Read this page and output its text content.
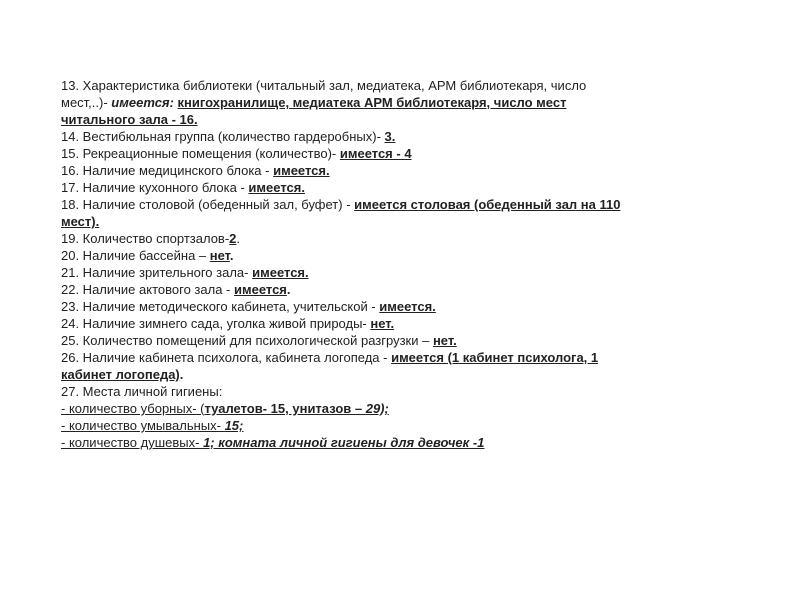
13. Характеристика библиотеки (читальный зал, медиатека, АРМ библиотекаря, число
мест,..)- имеется: книгохранилище, медиатека АРМ библиотекаря, число мест
читального зала - 16.
14. Вестибюльная группа (количество гардеробных)- 3.
15. Рекреационные помещения (количество)- имеется - 4
16. Наличие медицинского блока - имеется.
17. Наличие кухонного блока - имеется.
18. Наличие столовой (обеденный зал, буфет) - имеется столовая (обеденный зал на 110
мест).
19. Количество спортзалов-2.
20. Наличие бассейна – нет.
21. Наличие зрительного зала- имеется.
22. Наличие актового зала - имеется.
23. Наличие методического кабинета, учительской - имеется.
24. Наличие зимнего сада, уголка живой природы- нет.
25. Количество помещений для психологической разгрузки – нет.
26. Наличие кабинета психолога, кабинета логопеда - имеется (1 кабинет психолога, 1
кабинет логопеда).
27. Места личной гигиены:
- количество уборных- (туалетов- 15, унитазов – 29);
- количество умывальных- 15;
- количество душевых- 1; комната личной гигиены для девочек -1
